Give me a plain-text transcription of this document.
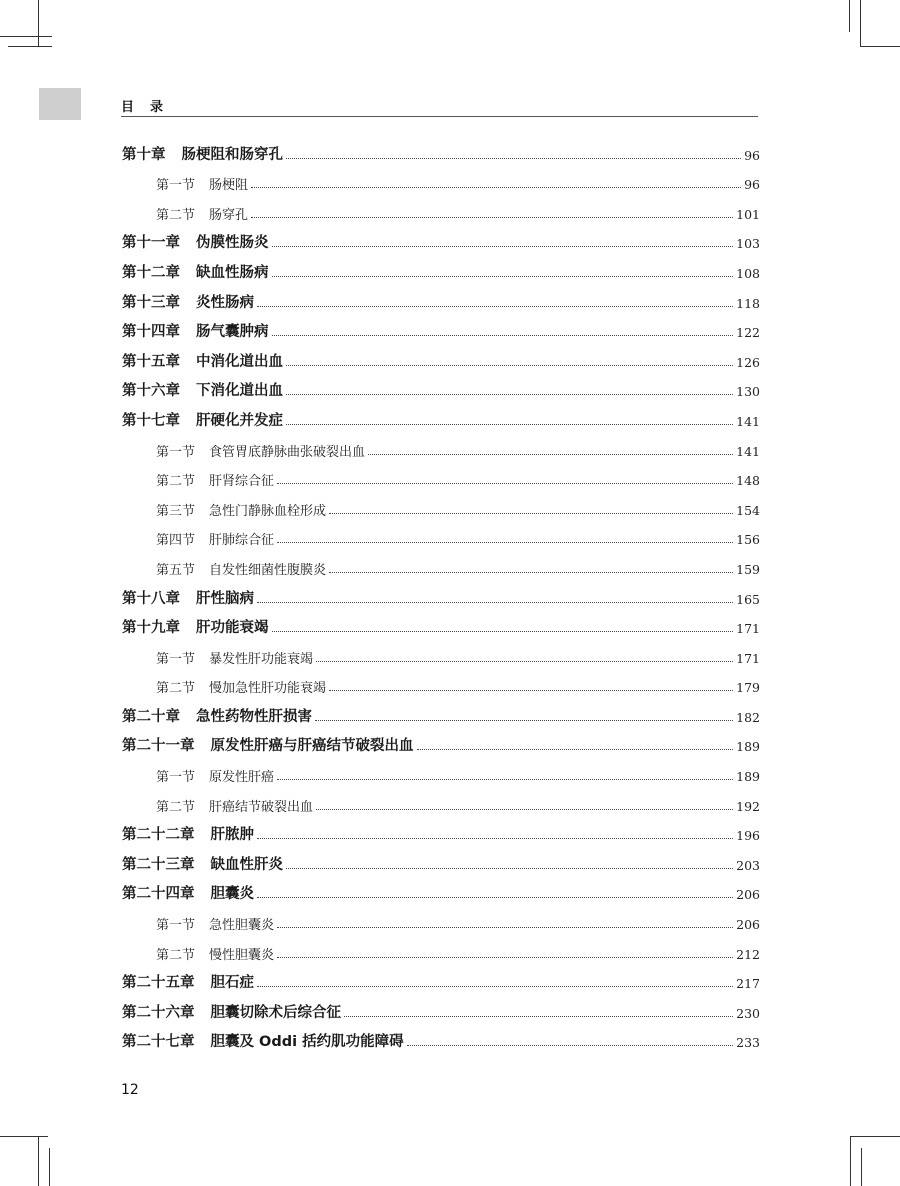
目录
第十章 肠梗阻和肠穿孔	96
第一节 肠梗阻	96
第二节 肠穿孔	101
第十一章 伪膜性肠炎	103
第十二章 缺血性肠病	108
第十三章 炎性肠病	118
第十四章 肠气囊肿病	122
第十五章 中消化道出血	126
第十六章 下消化道出血	130
第十七章 肝硬化并发症	141
第一节 食管胃底静脉曲张破裂出血	141
第二节 肝肾综合征	148
第三节 急性门静脉血栓形成	154
第四节 肝肺综合征	156
第五节 自发性细菌性腹膜炎	159
第十八章 肝性脑病	165
第十九章 肝功能衰竭	171
第一节 暴发性肝功能衰竭	171
第二节 慢加急性肝功能衰竭	179
第二十章 急性药物性肝损害	182
第二十一章 原发性肝癌与肝癌结节破裂出血	189
第一节 原发性肝癌	189
第二节 肝癌结节破裂出血	192
第二十二章 肝脓肿	196
第二十三章 缺血性肝炎	203
第二十四章 胆囊炎	206
第一节 急性胆囊炎	206
第二节 慢性胆囊炎	212
第二十五章 胆石症	217
第二十六章 胆囊切除术后综合征	230
第二十七章 胆囊及 Oddi 括约肌功能障碍	233
12
